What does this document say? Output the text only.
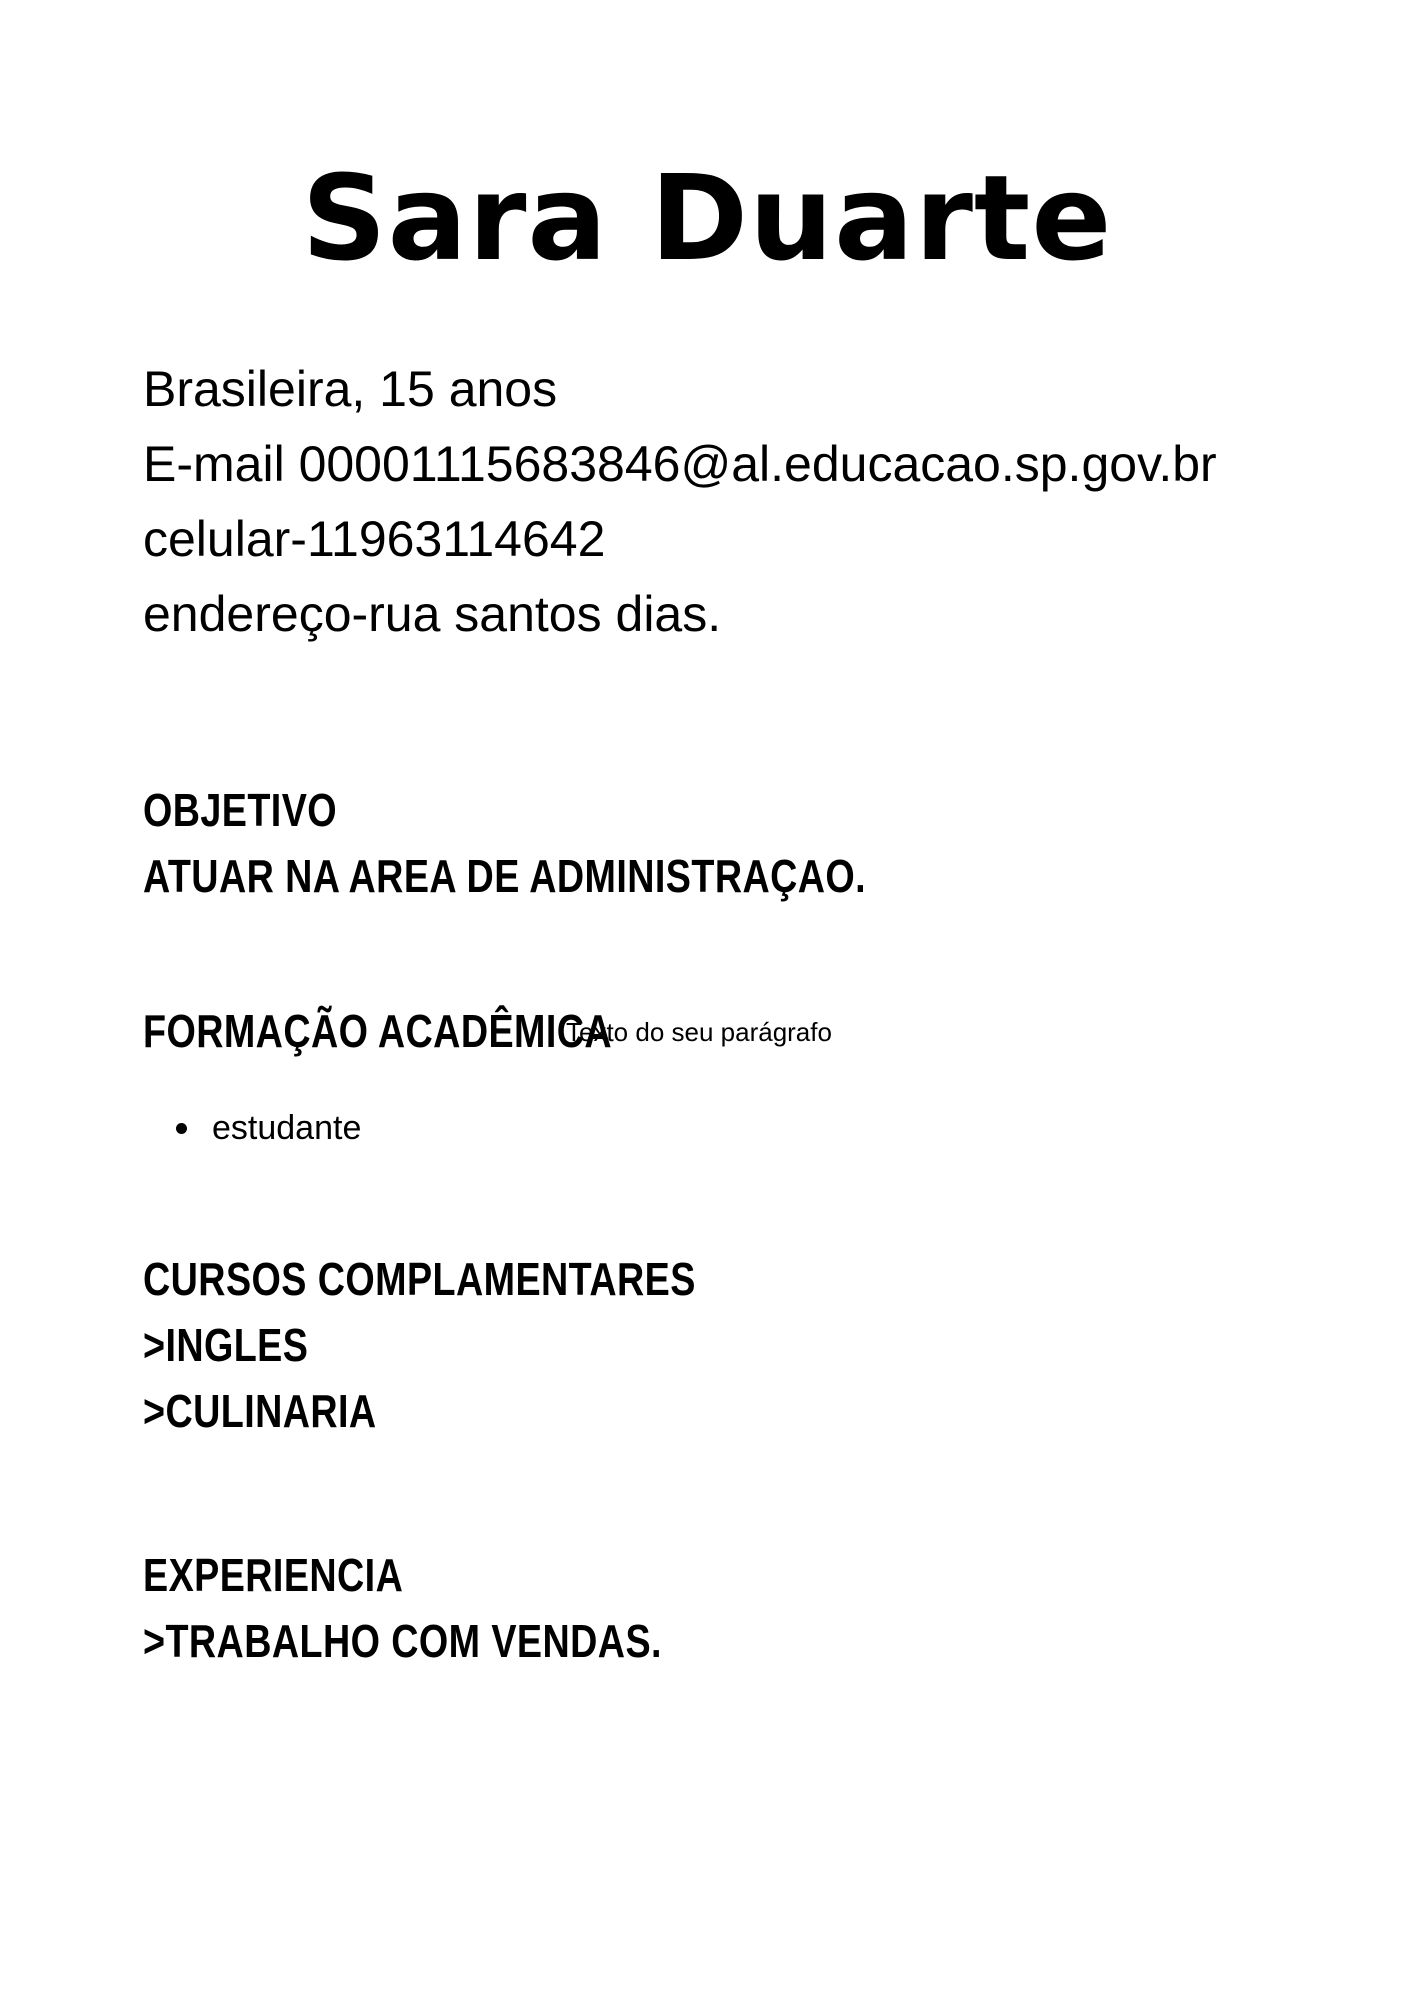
Sara Duarte
Brasileira, 15 anos
E-mail 00001115683846@al.educacao.sp.gov.br
celular-11963114642
endereço-rua santos dias.
OBJETIVO
ATUAR NA AREA DE ADMINISTRAÇAO.
FORMAÇÃO ACADÊMICA
Texto do seu parágrafo
estudante
CURSOS COMPLAMENTARES
>INGLES
>CULINARIA
EXPERIENCIA
>TRABALHO COM VENDAS.
